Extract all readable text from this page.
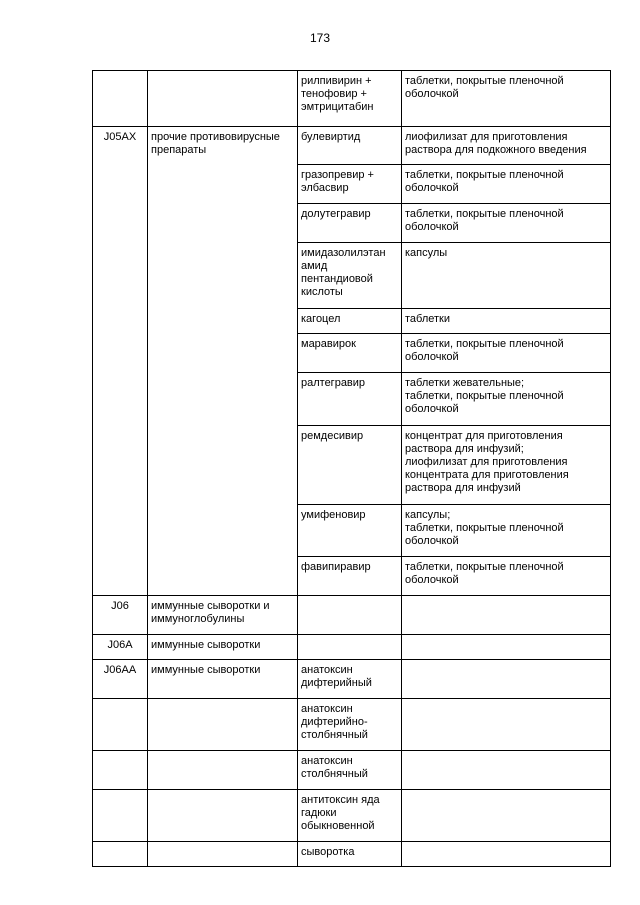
173
		рилпивирин +
тенофовир +
эмтрицитабин	таблетки, покрытые пленочной
оболочкой
J05AX	прочие противовирусные
препараты	булевиртид	лиофилизат для приготовления
раствора для подкожного введения
		гразопревир +
элбасвир	таблетки, покрытые пленочной
оболочкой
		долутегравир	таблетки, покрытые пленочной
оболочкой
		имидазолилэтан
амид
пентандиовой
кислоты	капсулы
		кагоцел	таблетки
		маравирок	таблетки, покрытые пленочной
оболочкой
		ралтегравир	таблетки жевательные;
таблетки, покрытые пленочной
оболочкой
		ремдесивир	концентрат для приготовления
раствора для инфузий;
лиофилизат для приготовления
концентрата для приготовления
раствора для инфузий
		умифеновир	капсулы;
таблетки, покрытые пленочной
оболочкой
		фавипиравир	таблетки, покрытые пленочной
оболочкой
J06	иммунные сыворотки и
иммуноглобулины		
J06A	иммунные сыворотки		
J06AA	иммунные сыворотки	анатоксин
дифтерийный	
		анатоксин
дифтерийно-
столбнячный	
		анатоксин
столбнячный	
		антитоксин яда
гадюки
обыкновенной	
		сыворотка	
